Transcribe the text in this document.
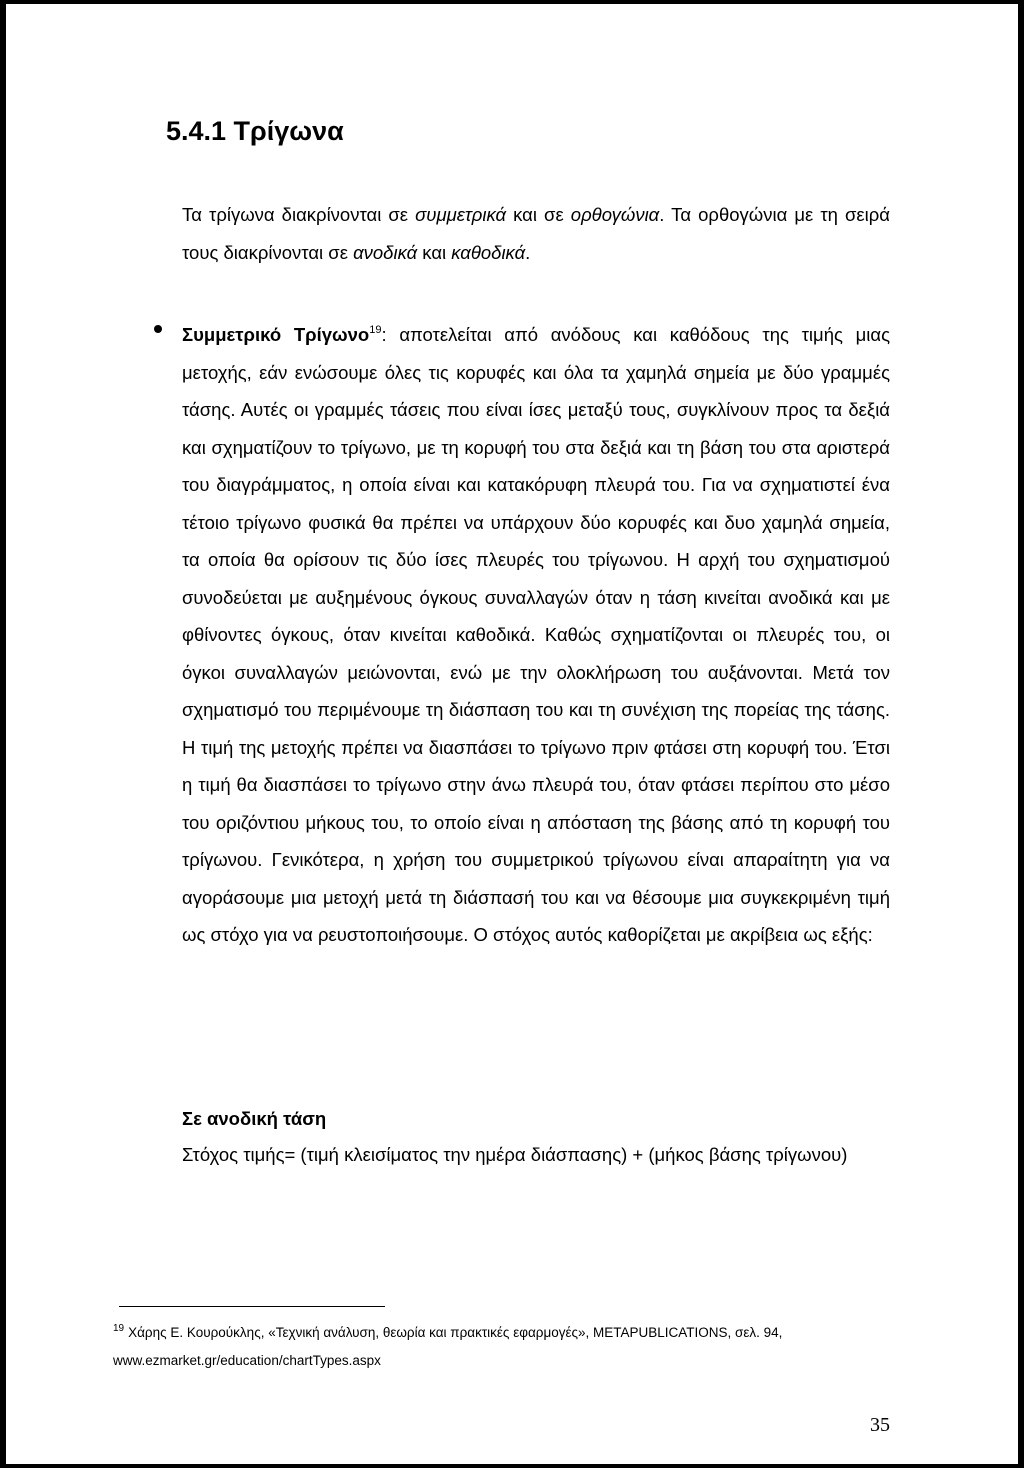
5.4.1 Τρίγωνα

Τα τρίγωνα διακρίνονται σε συμμετρικά και σε ορθογώνια. Τα ορθογώνια με τη σειρά τους διακρίνονται σε ανοδικά και καθοδικά.

Συμμετρικό Τρίγωνο$^{19}$: αποτελείται από ανόδους και καθόδους της τιμής μιας μετοχής, εάν ενώσουμε όλες τις κορυφές και όλα τα χαμηλά σημεία με δύο γραμμές τάσης. Αυτές οι γραμμές τάσεις που είναι ίσες μεταξύ τους, συγκλίνουν προς τα δεξιά και σχηματίζουν το τρίγωνο, με τη κορυφή του στα δεξιά και τη βάση του στα αριστερά του διαγράμματος, η οποία είναι και κατακόρυφη πλευρά του. Για να σχηματιστεί ένα τέτοιο τρίγωνο φυσικά θα πρέπει να υπάρχουν δύο κορυφές και δυο χαμηλά σημεία, τα οποία θα ορίσουν τις δύο ίσες πλευρές του τρίγωνου. Η αρχή του σχηματισμού συνοδεύεται με αυξημένους όγκους συναλλαγών όταν η τάση κινείται ανοδικά και με φθίνοντες όγκους, όταν κινείται καθοδικά. Καθώς σχηματίζονται οι πλευρές του, οι όγκοι συναλλαγών μειώνονται, ενώ με την ολοκλήρωση του αυξάνονται. Μετά τον σχηματισμό του περιμένουμε τη διάσπαση του και τη συνέχιση της πορείας της τάσης. Η τιμή της μετοχής πρέπει να διασπάσει το τρίγωνο πριν φτάσει στη κορυφή του. Έτσι η τιμή θα διασπάσει το τρίγωνο στην άνω πλευρά του, όταν φτάσει περίπου στο μέσο του οριζόντιου μήκους του, το οποίο είναι η απόσταση της βάσης από τη κορυφή του τρίγωνου. Γενικότερα, η χρήση του συμμετρικού τρίγωνου είναι απαραίτητη για να αγοράσουμε μια μετοχή μετά τη διάσπασή του και να θέσουμε μια συγκεκριμένη τιμή ως στόχο για να ρευστοποιήσουμε. Ο στόχος αυτός καθορίζεται με ακρίβεια ως εξής:

Σε ανοδική τάση

Στόχος τιμής= (τιμή κλεισίματος την ημέρα διάσπασης) + (μήκος βάσης τρίγωνου)

$^{19}$ Χάρης Ε. Κουρούκλης, «Τεχνική ανάλυση, θεωρία και πρακτικές εφαρμογές», METAPUBLICATIONS, σελ. 94, www.ezmarket.gr/education/chartTypes.aspx

35
